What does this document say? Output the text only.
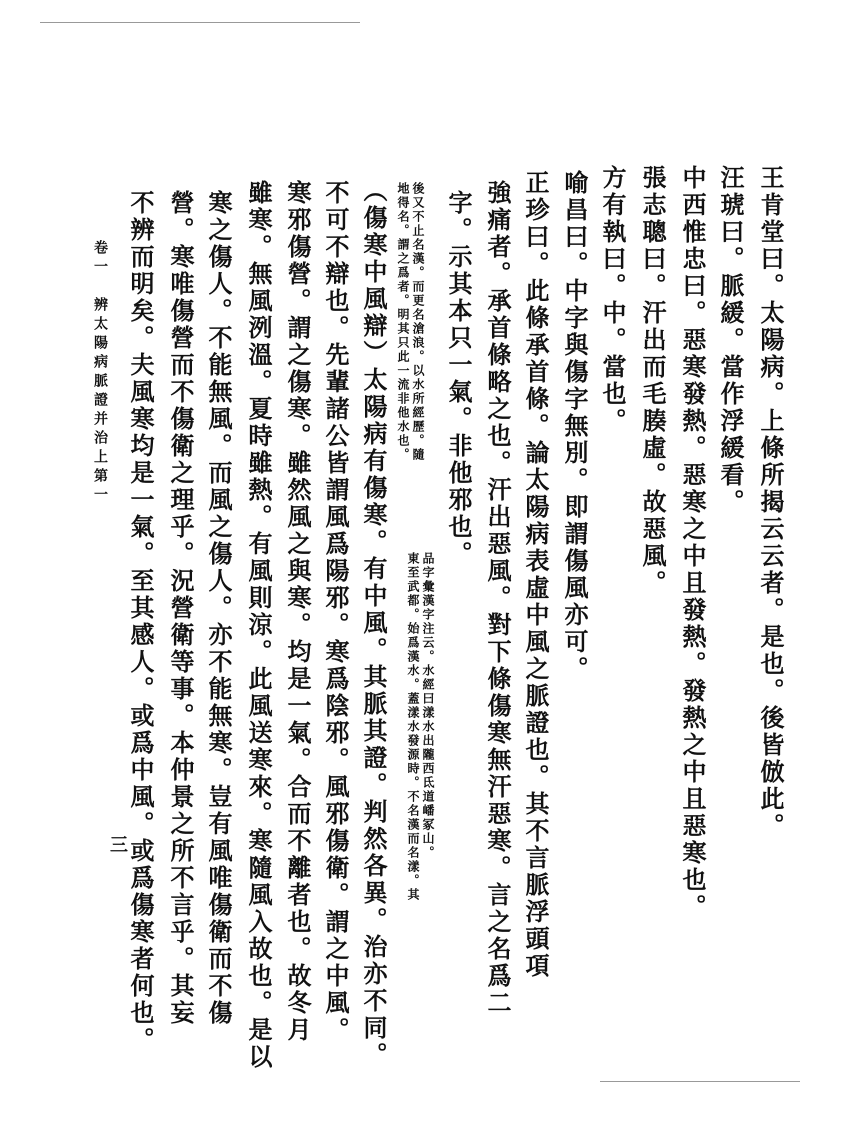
王肯堂曰。太陽病。上條所揭云云者。是也。後皆倣此。
汪琥曰。脈緩。當作浮緩看。
中西惟忠曰。惡寒發熱。惡寒之中且發熱。發熱之中且惡寒也。
張志聰曰。汗出而毛腠虛。故惡風。
方有執曰。中。當也。
喻昌曰。中字與傷字無別。即謂傷風亦可。
正珍曰。此條承首條。論太陽病表虛中風之脈證也。其不言脈浮頭項
強痛者。承首條略之也。汗出惡風。對下條傷寒無汗惡寒。言之名爲二
字。示其本只一氣。非他邪也。
品字彙漢字注云。水經曰漾水出隴西氐道嶓冢山。
東至武都。始爲漢水。蓋漾水發源時。不名漢而名漾。其
後又不止名漢。而更名滄浪。以水所經歷。隨
地得名。謂之爲者。明其只此一流非他水也。
（傷寒中風辯）太陽病有傷寒。有中風。其脈其證。判然各異。治亦不同。
不可不辯也。先輩諸公皆謂風爲陽邪。寒爲陰邪。風邪傷衛。謂之中風。
寒邪傷營。謂之傷寒。雖然風之與寒。均是一氣。合而不離者也。故冬月
雖寒。無風洌溫。夏時雖熱。有風則涼。此風送寒來。寒隨風入故也。是以
寒之傷人。不能無風。而風之傷人。亦不能無寒。豈有風唯傷衛而不傷
營。寒唯傷營而不傷衛之理乎。況營衛等事。本仲景之所不言乎。其妄
不辨而明矣。夫風寒均是一氣。至其感人。或爲中風。或爲傷寒者何也。
卷一　辨太陽病脈證并治上第一
三
